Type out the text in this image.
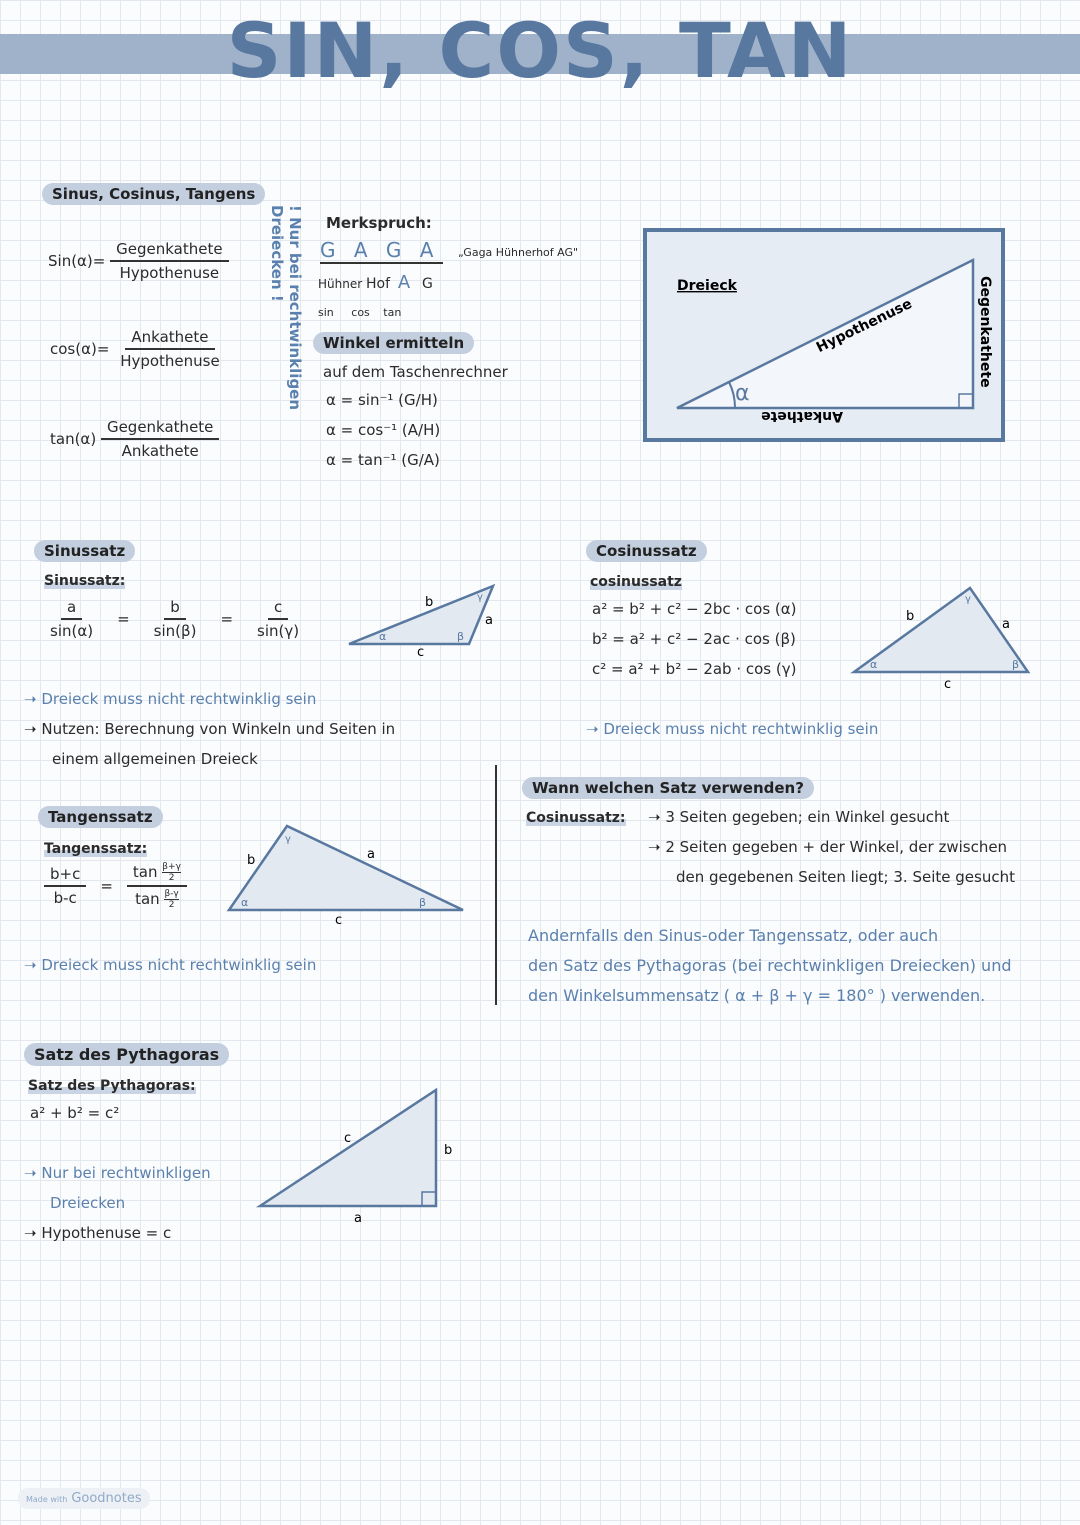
SIN, COS, TAN
Sinus, Cosinus, Tangens
$Sin(\alpha)= \frac{\text{Gegenkathete}}{\text{Hypothenuse}}$
$\cos(\alpha)= \frac{\text{Ankathete}}{\text{Hypothenuse}}$
$\tan(\alpha) \frac{\text{Gegenkathete}}{\text{Ankathete}}$
! Nur bei rechtwinkligen Dreiecken !	Merkspruch:
G A G A	„Gaga Hühnerhof AG"
Hühner Hof A G
sin cos tan
Winkel ermitteln
auf dem Taschenrechner
α = sin⁻¹ (G/H)
α = cos⁻¹ (A/H)
α = tan⁻¹ (G/A)
Dreieck
Hypothenuse	Gegenkathete
Ankathete
α
Sinussatz
Sinussatz:
$\frac{a}{\sin(\alpha)} = \frac{b}{\sin(\beta)} = \frac{c}{\sin(\gamma)}$	b
a
c
α	β
γ
➝ Dreieck muss nicht rechtwinklig sein
➝ Nutzen: Berechnung von Winkeln und Seiten in
einem allgemeinen Dreieck
Cosinussatz
cosinussatz
a² = b² + c² − 2bc · cos (α)
b² = a² + c² − 2ac · cos (β)
c² = a² + b² − 2ab · cos (γ)
b
a
c
α	β
γ
➝ Dreieck muss nicht rechtwinklig sein
Tangenssatz
Tangenssatz:
$\frac{b+c}{b-c} = \frac{\tan \frac{\beta+\gamma}{2}}{\tan \frac{\beta-\gamma}{2}}$
b	a
c
α	β
γ
➝ Dreieck muss nicht rechtwinklig sein
Wann welchen Satz verwenden?
Cosinussatz: ➝ 3 Seiten gegeben; ein Winkel gesucht
➝ 2 Seiten gegeben + der Winkel, der zwischen
den gegebenen Seiten liegt; 3. Seite gesucht
Andernfalls den Sinus-oder Tangenssatz, oder auch
den Satz des Pythagoras (bei rechtwinkligen Dreiecken) und
den Winkelsummensatz ( α + β + γ = 180° ) verwenden.
Satz des Pythagoras
Satz des Pythagoras:
a² + b² = c²
➝ Nur bei rechtwinkligen
Dreiecken
➝ Hypothenuse = c
c
b
a
Made with Goodnotes
